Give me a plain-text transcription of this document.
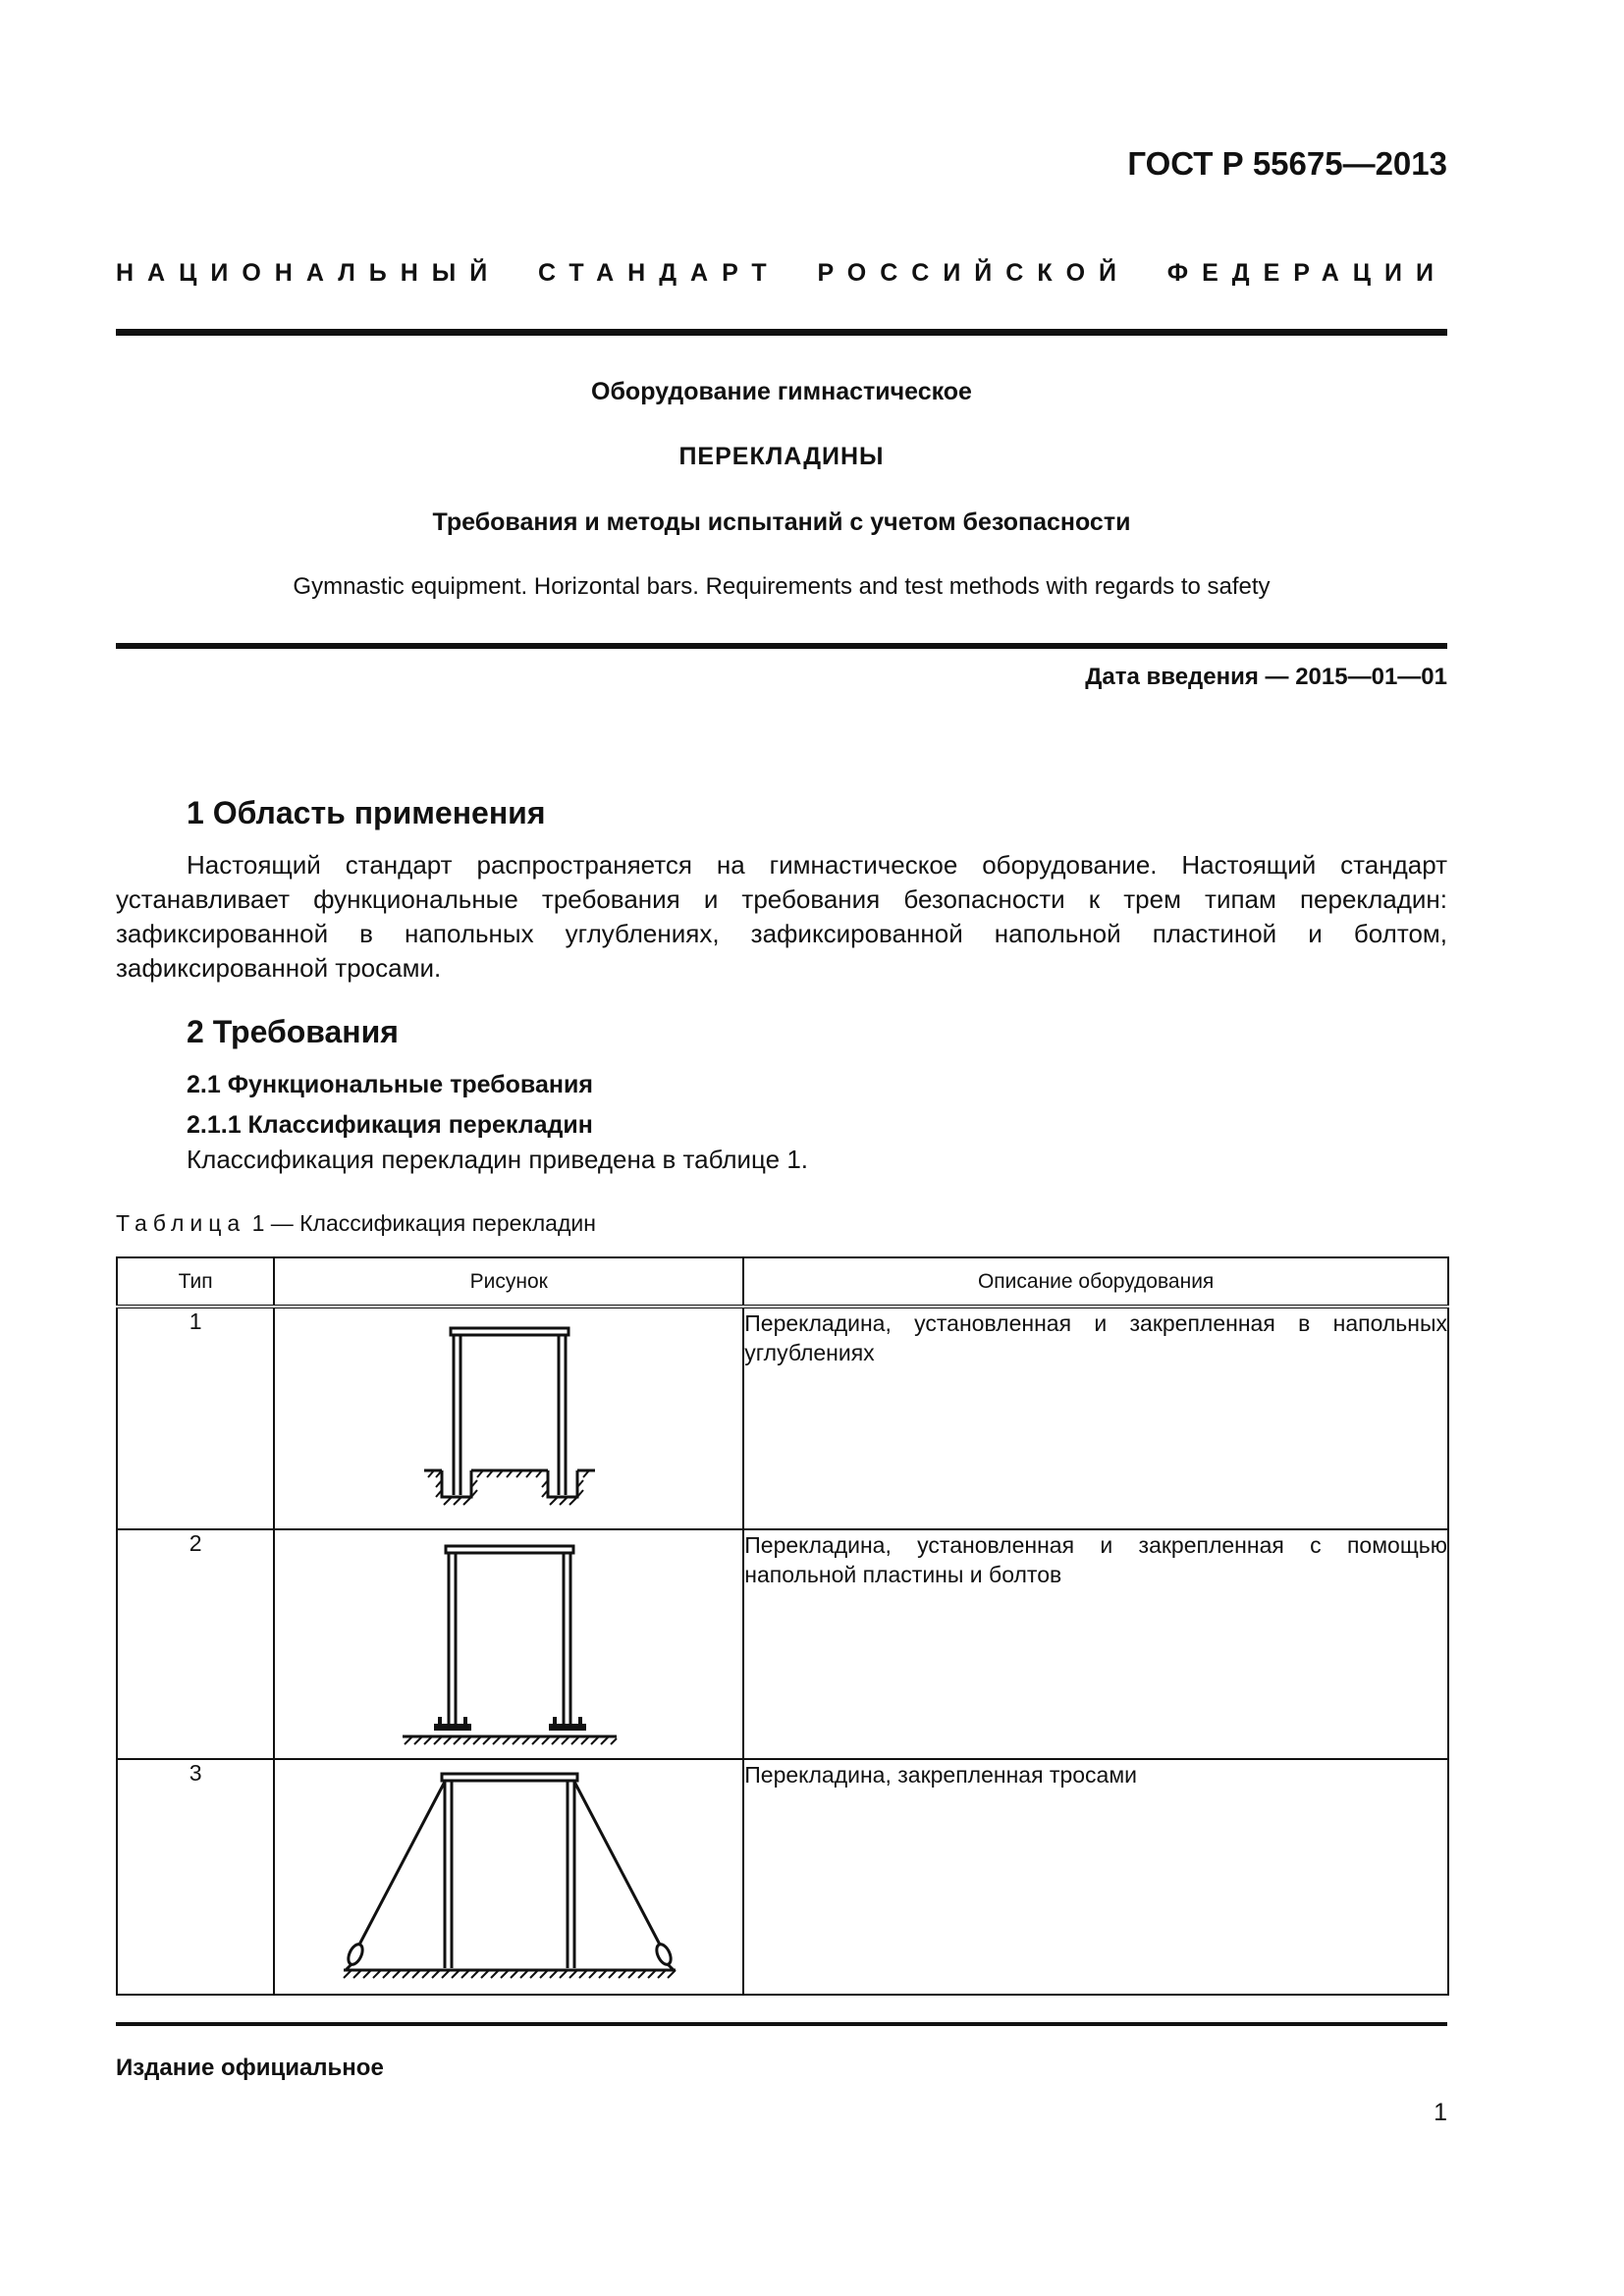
ГОСТ Р 55675—2013
НАЦИОНАЛЬНЫЙ СТАНДАРТ РОССИЙСКОЙ ФЕДЕРАЦИИ
Оборудование гимнастическое
ПЕРЕКЛАДИНЫ
Требования и методы испытаний с учетом безопасности
Gymnastic equipment. Horizontal bars. Requirements and test methods with regards to safety
Дата введения — 2015—01—01
1 Область применения

Настоящий стандарт распространяется на гимнастическое оборудование. Настоящий стандарт устанавливает функциональные требования и требования безопасности к трем типам перекладин: зафиксированной в напольных углублениях, зафиксированной напольной пластиной и болтом, зафиксированной тросами.

2 Требования
2.1 Функциональные требования
2.1.1 Классификация перекладин
Классификация перекладин приведена в таблице 1.
Таблица 1 — Классификация перекладин
Тип	Рисунок	Описание оборудования
1		Перекладина, установленная и закрепленная в напольных углублениях
2		Перекладина, установленная и закрепленная с помощью напольной пластины и болтов
3		Перекладина, закрепленная тросами
Издание официальное
1
